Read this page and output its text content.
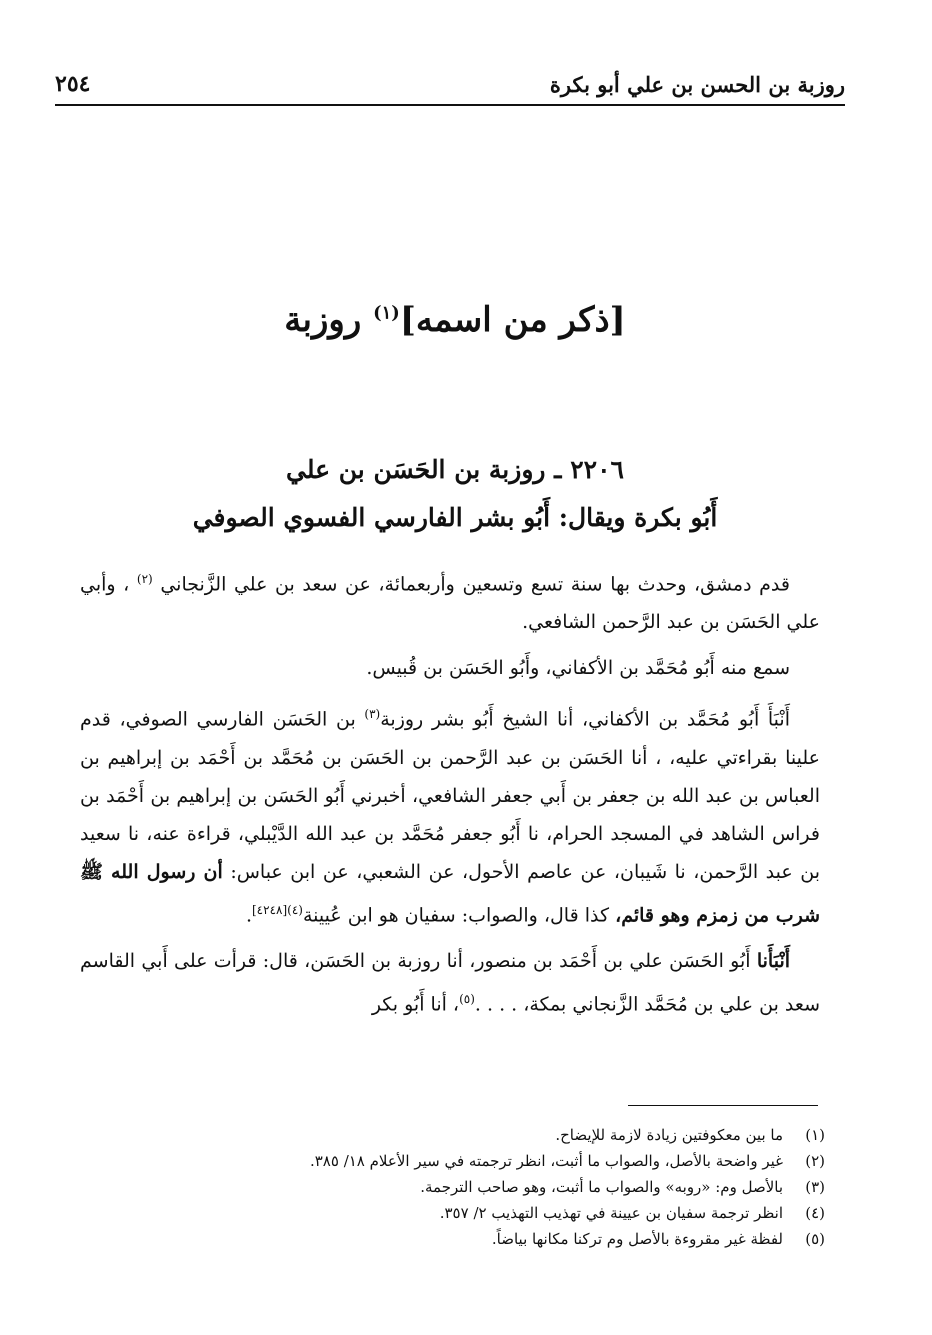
٢٥٤	روزبة بن الحسن بن علي أبو بكرة
[ذكر من اسمه]$^{(١)}$ روزبة
٢٢٠٦ ـ روزبة بن الحَسَن بن علي
أَبُو بكرة ويقال: أَبُو بشر الفارسي الفسوي الصوفي

قدم دمشق، وحدث بها سنة تسع وتسعين وأربعمائة، عن سعد بن علي الزَّنجاني $^{(٢)}$ ، وأبي علي الحَسَن بن عبد الرَّحمن الشافعي.

سمع منه أَبُو مُحَمَّد بن الأكفاني، وأَبُو الحَسَن بن قُبيس.

أَنْبَأَ أَبُو مُحَمَّد بن الأكفاني، أنا الشيخ أَبُو بشر روزبة$^{(٣)}$ بن الحَسَن الفارسي الصوفي، قدم علينا بقراءتي عليه، ، أنا الحَسَن بن عبد الرَّحمن بن الحَسَن بن مُحَمَّد بن أَحْمَد بن إبراهيم بن العباس بن عبد الله بن جعفر بن أَبي جعفر الشافعي، أخبرني أَبُو الحَسَن بن إبراهيم بن أَحْمَد بن فراس الشاهد في المسجد الحرام، نا أَبُو جعفر مُحَمَّد بن عبد الله الدَّيْبلي، قراءة عنه، نا سعيد بن عبد الرَّحمن، نا شَيبان، عن عاصم الأحول، عن الشعبي، عن ابن عباس: أن رسول الله ﷺ شرب من زمزم وهو قائم، كذا قال، والصواب: سفيان هو ابن عُيينة$^{(٤)[٤٢٤٨]}$.

أَنْبَأَنا أَبُو الحَسَن علي بن أَحْمَد بن منصور، أنا روزبة بن الحَسَن، قال: قرأت على أَبي القاسم سعد بن علي بن مُحَمَّد الزَّنجاني بمكة، . . . .$^{(٥)}$، أنا أَبُو بكر

(١)
ما بين معكوفتين زيادة لازمة للإيضاح.
(٢)
غير واضحة بالأصل، والصواب ما أثبت، انظر ترجمته في سير الأعلام ١٨/ ٣٨٥.
(٣)
بالأصل وم: «روبه» والصواب ما أثبت، وهو صاحب الترجمة.
(٤)
انظر ترجمة سفيان بن عيينة في تهذيب التهذيب ٢/ ٣٥٧.
(٥)
لفظة غير مقروءة بالأصل وم تركنا مكانها بياضاً.
